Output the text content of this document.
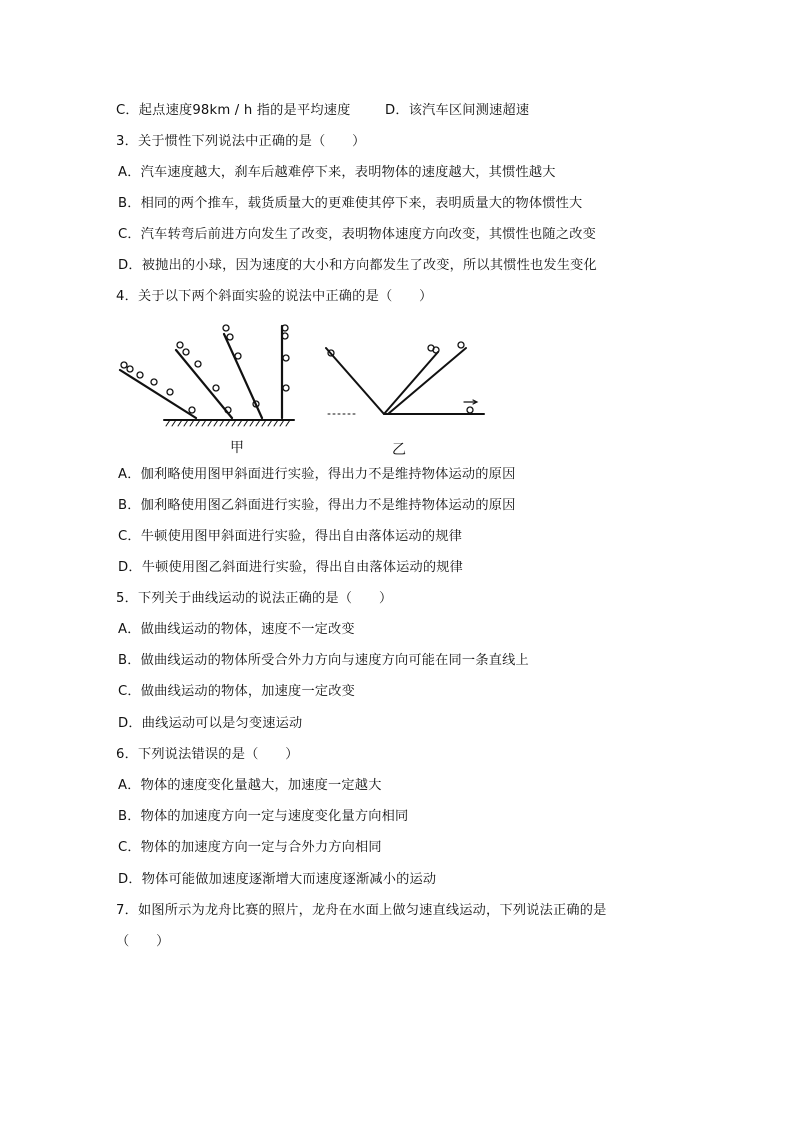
C．起点速度98km / h 指的是平均速度	D．该汽车区间测速超速
3．关于惯性下列说法中正确的是（　　）
A．汽车速度越大，刹车后越难停下来，表明物体的速度越大，其惯性越大
B．相同的两个推车，载货质量大的更难使其停下来，表明质量大的物体惯性大
C．汽车转弯后前进方向发生了改变，表明物体速度方向改变，其惯性也随之改变
D．被抛出的小球，因为速度的大小和方向都发生了改变，所以其惯性也发生变化
4．关于以下两个斜面实验的说法中正确的是（　　）
甲	乙
A．伽利略使用图甲斜面进行实验，得出力不是维持物体运动的原因
B．伽利略使用图乙斜面进行实验，得出力不是维持物体运动的原因
C．牛顿使用图甲斜面进行实验，得出自由落体运动的规律
D．牛顿使用图乙斜面进行实验，得出自由落体运动的规律
5．下列关于曲线运动的说法正确的是（　　）
A．做曲线运动的物体，速度不一定改变
B．做曲线运动的物体所受合外力方向与速度方向可能在同一条直线上
C．做曲线运动的物体，加速度一定改变
D．曲线运动可以是匀变速运动
6．下列说法错误的是（　　）
A．物体的速度变化量越大，加速度一定越大
B．物体的加速度方向一定与速度变化量方向相同
C．物体的加速度方向一定与合外力方向相同
D．物体可能做加速度逐渐增大而速度逐渐减小的运动
7．如图所示为龙舟比赛的照片，龙舟在水面上做匀速直线运动，下列说法正确的是
（　　）
